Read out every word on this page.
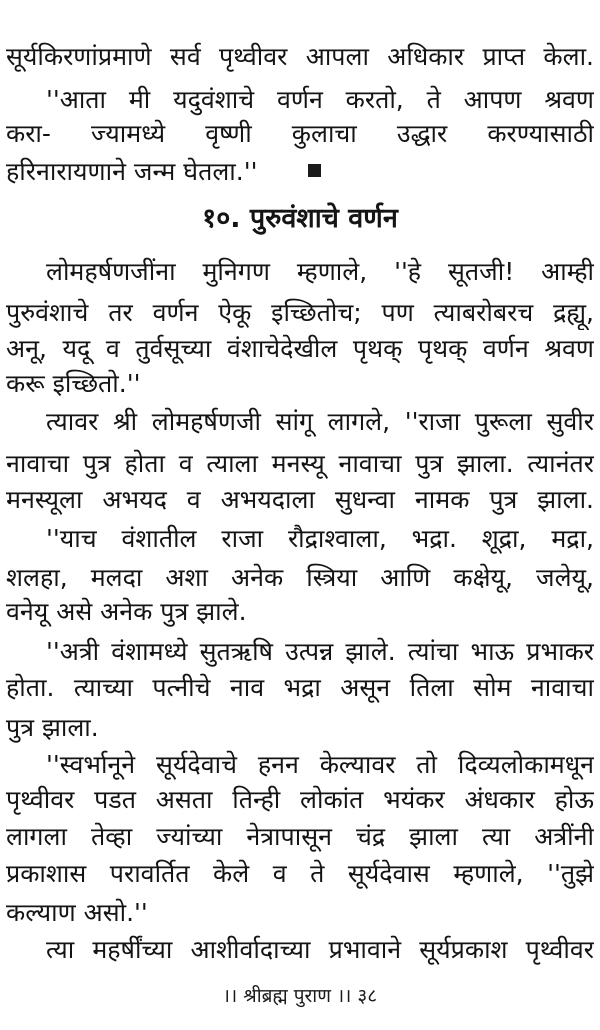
सूर्यकिरणांप्रमाणे सर्व पृथ्वीवर आपला अधिकार प्राप्त केला.
''आता मी यदुवंशाचे वर्णन करतो, ते आपण श्रवण
करा- ज्यामध्ये वृष्णी कुलाचा उद्धार करण्यासाठी
हरिनारायणाने जन्म घेतला.''
१०. पुरुवंशाचे वर्णन
लोमहर्षणजींना मुनिगण म्हणाले, ''हे सूतजी! आम्ही
पुरुवंशाचे तर वर्णन ऐकू इच्छितोच; पण त्याबरोबरच द्रह्यू,
अनू, यदू व तुर्वसूच्या वंशाचेदेखील पृथक् पृथक् वर्णन श्रवण
करू इच्छितो.''
त्यावर श्री लोमहर्षणजी सांगू लागले, ''राजा पुरूला सुवीर
नावाचा पुत्र होता व त्याला मनस्यू नावाचा पुत्र झाला. त्यानंतर
मनस्यूला अभयद व अभयदाला सुधन्वा नामक पुत्र झाला.
''याच वंशातील राजा रौद्राश्वाला, भद्रा. शूद्रा, मद्रा,
शलहा, मलदा अशा अनेक स्त्रिया आणि कक्षेयू, जलेयू,
वनेयू असे अनेक पुत्र झाले.
''अत्री वंशामध्ये सुतऋषि उत्पन्न झाले. त्यांचा भाऊ प्रभाकर
होता. त्याच्या पत्नीचे नाव भद्रा असून तिला सोम नावाचा
पुत्र झाला.
''स्वर्भानूने सूर्यदेवाचे हनन केल्यावर तो दिव्यलोकामधून
पृथ्वीवर पडत असता तिन्ही लोकांत भयंकर अंधकार होऊ
लागला तेव्हा ज्यांच्या नेत्रापासून चंद्र झाला त्या अत्रींनी
प्रकाशास परावर्तित केले व ते सूर्यदेवास म्हणाले, ''तुझे
कल्याण असो.''
त्या महर्षींच्या आशीर्वादाच्या प्रभावाने सूर्यप्रकाश पृथ्वीवर
।। श्रीब्रह्म पुराण ।। ३८
